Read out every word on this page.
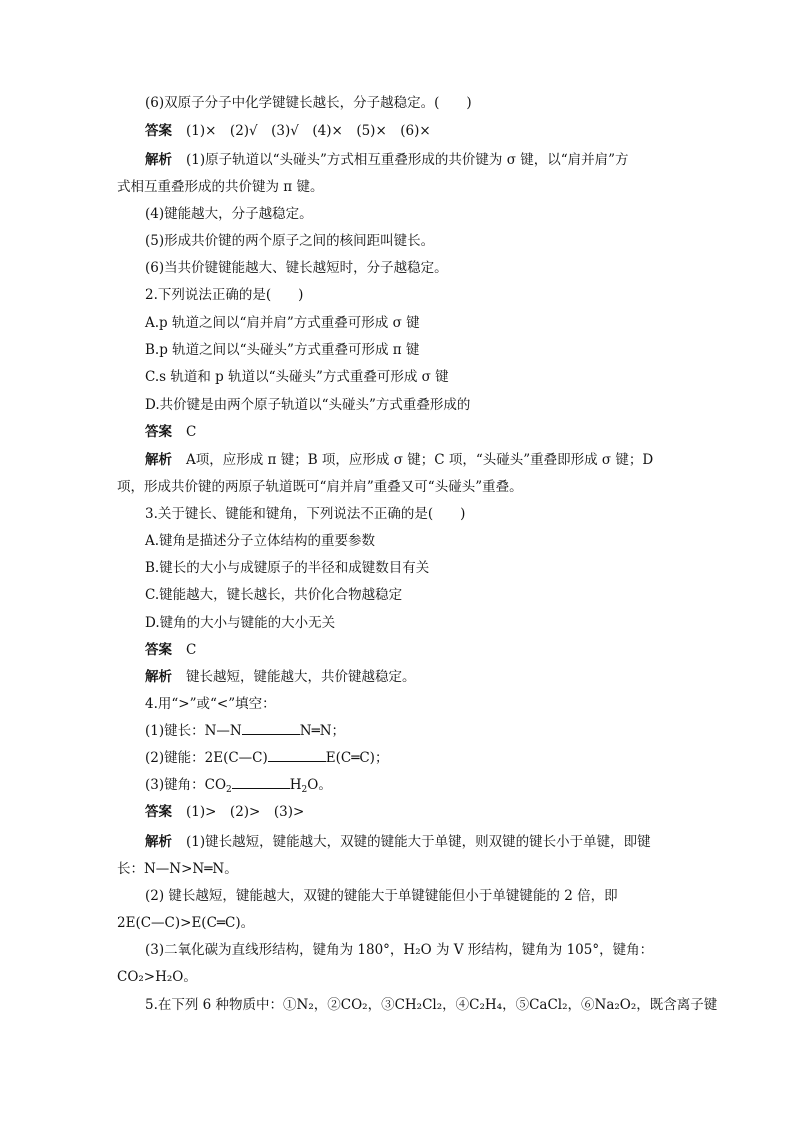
(6)双原子分子中化学键键长越长，分子越稳定。(　　)
答案 (1)×　(2)√　(3)√　(4)×　(5)×　(6)×
解析 (1)原子轨道以“头碰头”方式相互重叠形成的共价键为 σ 键，以“肩并肩”方
式相互重叠形成的共价键为 π 键。
(4)键能越大，分子越稳定。
(5)形成共价键的两个原子之间的核间距叫键长。
(6)当共价键键能越大、键长越短时，分子越稳定。
2.下列说法正确的是(　　)
A.p 轨道之间以“肩并肩”方式重叠可形成 σ 键
B.p 轨道之间以“头碰头”方式重叠可形成 π 键
C.s 轨道和 p 轨道以“头碰头”方式重叠可形成 σ 键
D.共价键是由两个原子轨道以“头碰头”方式重叠形成的
答案 C
解析 A项，应形成 π 键；B 项，应形成 σ 键；C 项，“头碰头”重叠即形成 σ 键；D
项，形成共价键的两原子轨道既可“肩并肩”重叠又可“头碰头”重叠。
3.关于键长、键能和键角，下列说法不正确的是(　　)
A.键角是描述分子立体结构的重要参数
B.键长的大小与成键原子的半径和成键数目有关
C.键能越大，键长越长，共价化合物越稳定
D.键角的大小与键能的大小无关
答案 C
解析 键长越短，键能越大，共价键越稳定。
4.用“>”或“<”填空：
(1)键长：N—N	N═N；
(2)键能：2E(C—C)	E(C═C)；
(3)键角：$CO_2$	$H_2O$。
答案 (1)>　(2)>　(3)>
解析 (1)键长越短，键能越大，双键的键能大于单键，则双键的键长小于单键，即键
长：N—N>N═N。
(2) 键长越短，键能越大，双键的键能大于单键键能但小于单键键能的 2 倍，即
2E(C—C)>E(C═C)。
(3)二氧化碳为直线形结构，键角为 180°，H₂O 为 V 形结构，键角为 105°，键角：
CO₂>H₂O。
5.在下列 6 种物质中：①N₂，②CO₂，③CH₂Cl₂，④C₂H₄，⑤CaCl₂，⑥Na₂O₂，既含离子键
